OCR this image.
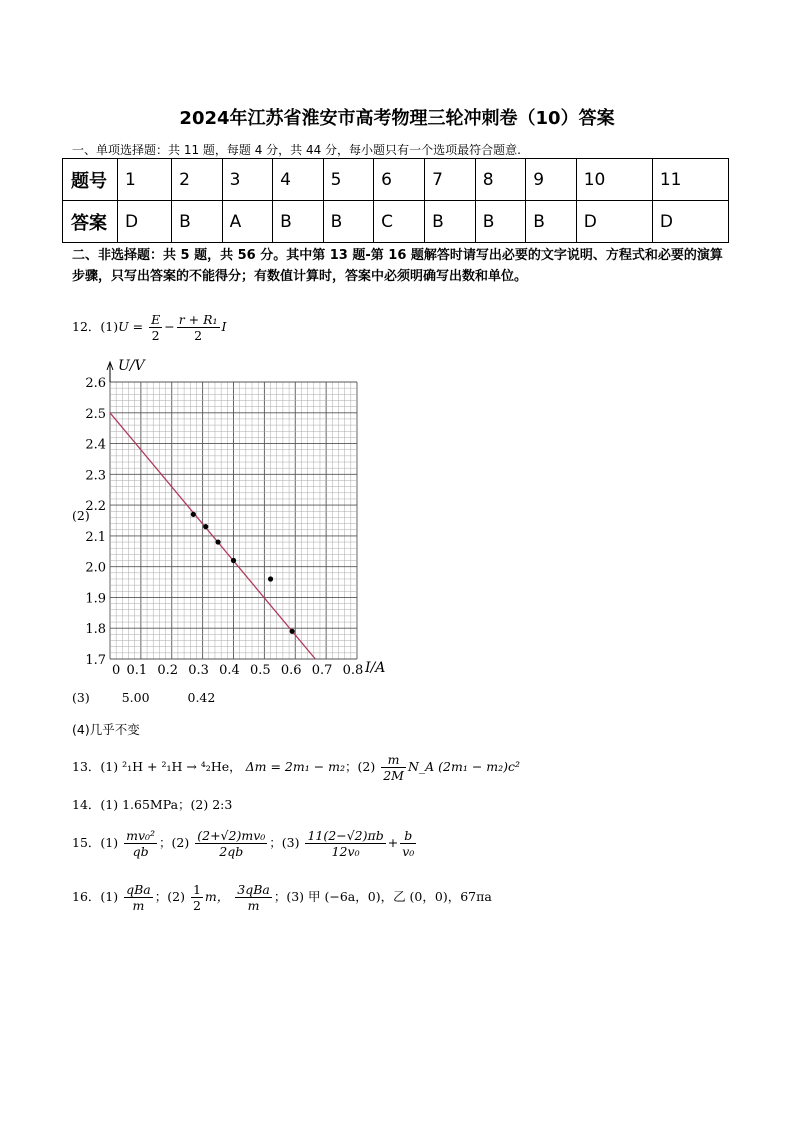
2024年江苏省淮安市高考物理三轮冲刺卷（10）答案
一、单项选择题：共 11 题，每题 4 分，共 44 分，每小题只有一个选项最符合题意.
题号	1	2	3	4	5	6	7	8	9	10	11
答案	D	B	A	B	B	C	B	B	B	D	D
二、非选择题：共 5 题，共 56 分。其中第 13 题-第 16 题解答时请写出必要的文字说明、方程式和必要的演算步骤，只写出答案的不能得分；有数值计算时，答案中必须明确写出数和单位。
12．$(1)U = \frac{E}{2} - \frac{\text{r + R₁}}{2}$ I
(2)
0 0.1 0.2 0.3 0.4 0.5 0.6 0.7 0.8
1.7
1.8
1.9
2.0
2.1
2.2
2.3
2.4
2.5
2.6
U/V
I/A
(3)	5.00	0.42
(4)几乎不变
13．(1) ²₁H + ²₁H → ⁴₂He， Δm = 2m₁ − m₂；$(2) \frac{m}{2M}$ N_A (2m₁ − m₂)c²
14．(1) 1.65MPa；(2) 2:3
15．$(1) \frac{\text{mv₀²}}{qb}$ ；$(2) \frac{\text{(2+√2)mv₀}}{2qb}$ ；$(3) \frac{11(2-√2)\pi b}{\text{12v₀}} + \frac{b}{\text{v₀}}$
16．$(1) \frac{\text{qBa}}{m}$ ；$(2) \frac{1}{2}$ m， $\frac{\text{3qBa}}{m}$ ；(3) 甲 (−6a，0)，乙 (0，0)，67πa
